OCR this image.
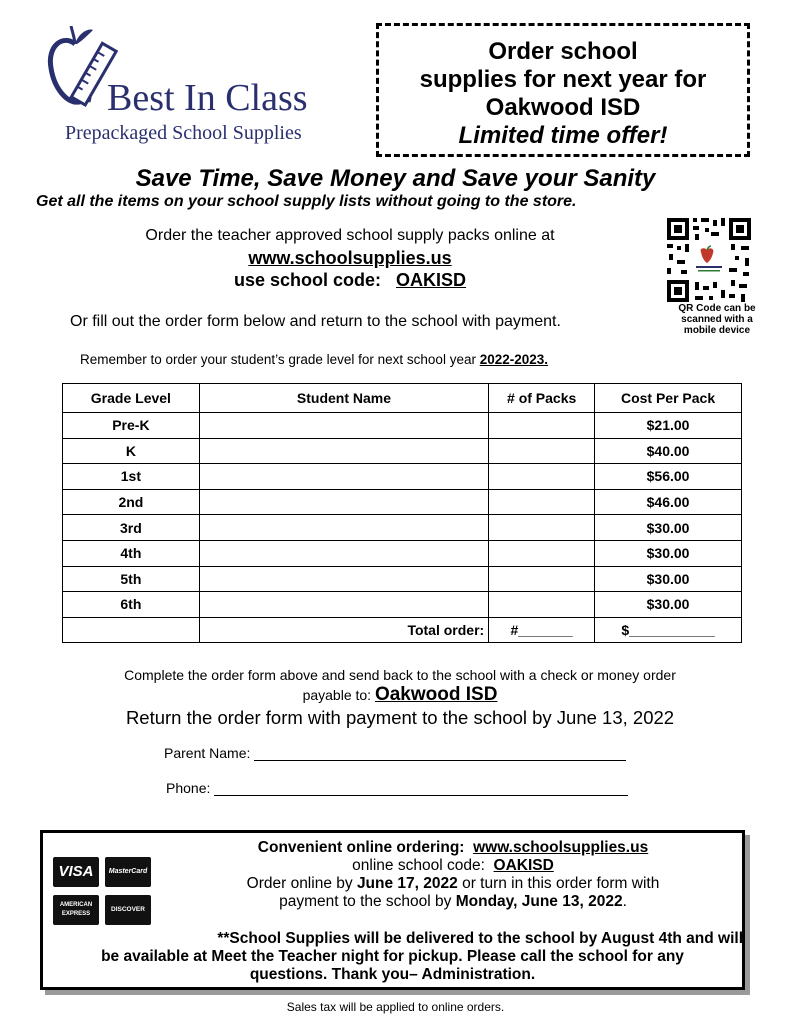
Best In Class
Prepackaged School Supplies
Order school
supplies for next year for
Oakwood ISD
Limited time offer!
Save Time, Save Money and Save your Sanity
Get all the items on your school supply lists without going to the store.
Order the teacher approved school supply packs online at
www.schoolsupplies.us
use school code: OAKISD
QR Code can be scanned with a mobile device
Or fill out the order form below and return to the school with payment.
Remember to order your student’s grade level for next school year 2022-2023.
Grade Level	Student Name	# of Packs	Cost Per Pack
Pre-K			$21.00
K			$40.00
1st			$56.00
2nd			$46.00
3rd			$30.00
4th			$30.00
5th			$30.00
6th			$30.00
	Total order:	#_______	$___________
Complete the order form above and send back to the school with a check or money order
payable to: Oakwood ISD
Return the order form with payment to the school by June 13, 2022
Parent Name:
Phone:
VISA	MasterCard
AMERICAN EXPRESS
DISCOVER
Convenient online ordering: www.schoolsupplies.us
online school code: OAKISD
Order online by June 17, 2022 or turn in this order form with
payment to the school by Monday, June 13, 2022.
**School Supplies will be delivered to the school by August 4th and will
be available at Meet the Teacher night for pickup. Please call the school for any
questions. Thank you– Administration.
Sales tax will be applied to online orders.
